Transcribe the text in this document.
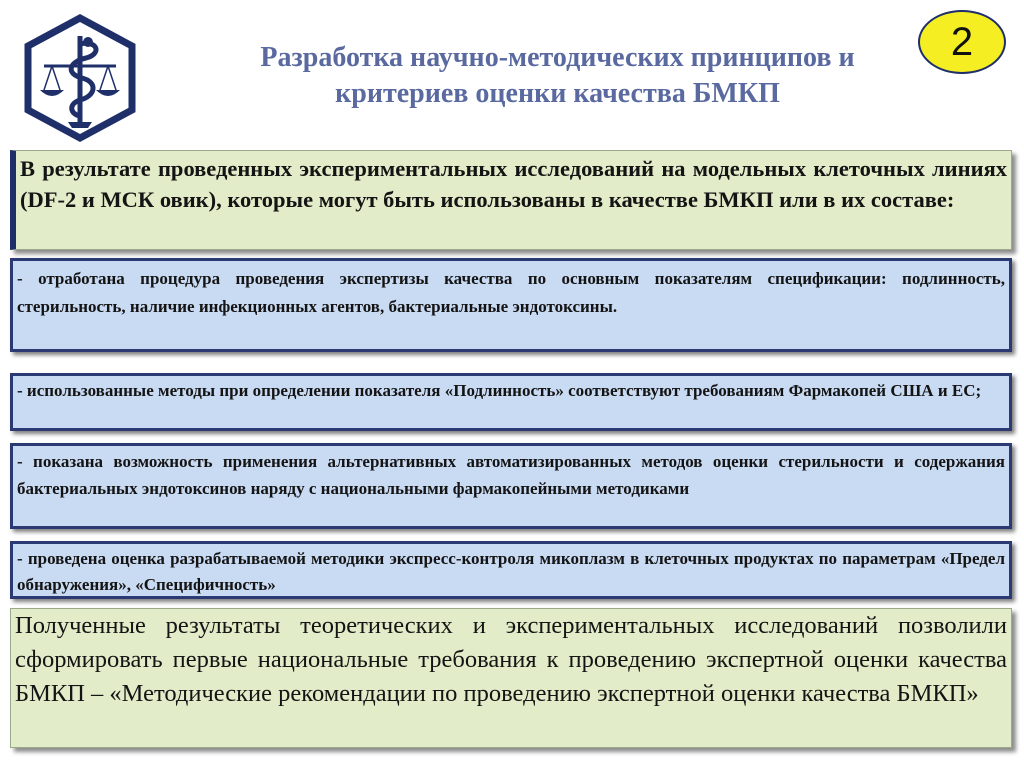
Разработка научно-методических принципов и
критериев оценки качества БМКП
2
В результате проведенных экспериментальных исследований на модельных клеточных линиях (DF-2 и МСК овик), которые могут быть использованы в качестве БМКП или в их составе:
- отработана процедура проведения экспертизы качества по основным показателям спецификации: подлинность, стерильность, наличие инфекционных агентов, бактериальные эндотоксины.
- использованные методы при определении показателя «Подлинность» соответствуют требованиям Фармакопей США и ЕС;
- показана возможность применения альтернативных автоматизированных методов оценки стерильности и содержания бактериальных эндотоксинов наряду с национальными фармакопейными методиками
- проведена оценка разрабатываемой методики экспресс-контроля микоплазм в клеточных продуктах по параметрам «Предел обнаружения», «Специфичность»
Полученные результаты теоретических и экспериментальных исследований позволили сформировать первые национальные требования к проведению экспертной оценки качества БМКП – «Методические рекомендации по проведению экспертной оценки качества БМКП»
